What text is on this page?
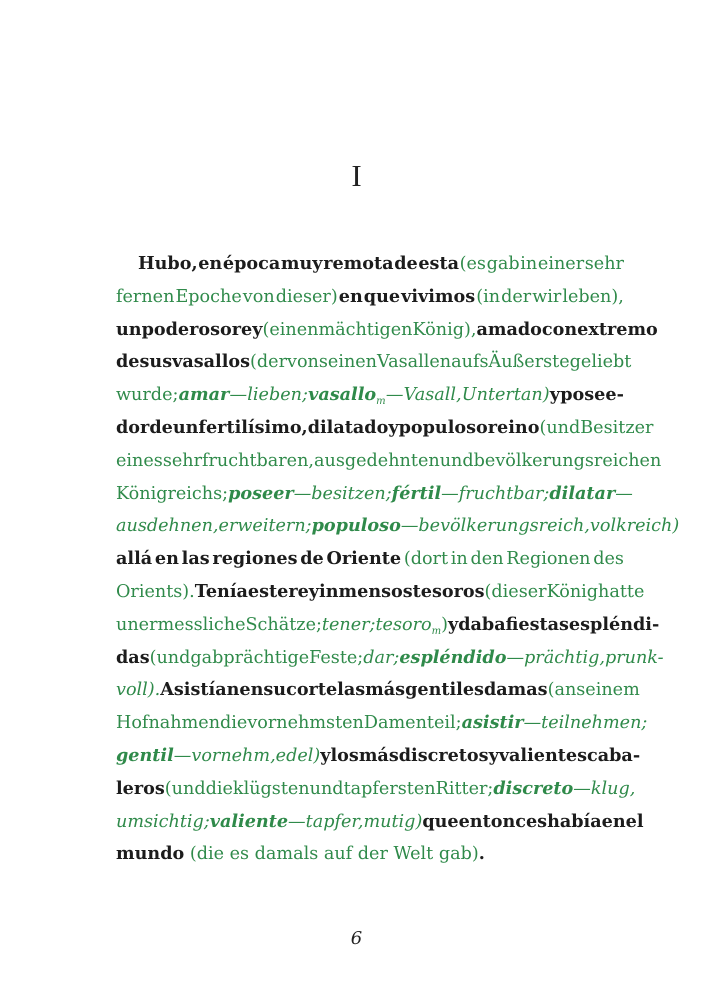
I
Hubo, en época muy remota de esta (es gab in einer sehr
fernen Epoche von dieser) en que vivimos (in der wir leben),
un poderoso rey (einen mächtigen König), amado con extremo
de sus vasallos (der von seinen Vasallen aufs Äußerste geliebt
wurde; amar — lieben; vasallo$_m$ — Vasall, Untertan) y posee-
dor de un fertilísimo, dilatado y populoso reino (und Besitzer
eines sehr fruchtbaren, ausgedehnten und bevölkerungsreichen
Königreichs; poseer — besitzen; fértil — fruchtbar; dilatar —
ausdehnen, erweitern; populoso — bevölkerungsreich, volkreich)
allá en las regiones de Oriente (dort in den Regionen des
Orients). Tenía este rey inmensos tesoros (dieser König hatte
unermessliche Schätze; tener; tesoro$_m$) y daba fiestas espléndi-
das (und gab prächtige Feste; dar; espléndido — prächtig, prunk-
voll). Asistían en su corte las más gentiles damas (an seinem
Hof nahmen die vornehmsten Damen teil; asistir — teilnehmen;
gentil — vornehm, edel) y los más discretos y valientes caba-
leros (und die klügsten und tapfersten Ritter; discreto — klug,
umsichtig; valiente — tapfer, mutig) que entonces había en el
mundo (die es damals auf der Welt gab) .
6
